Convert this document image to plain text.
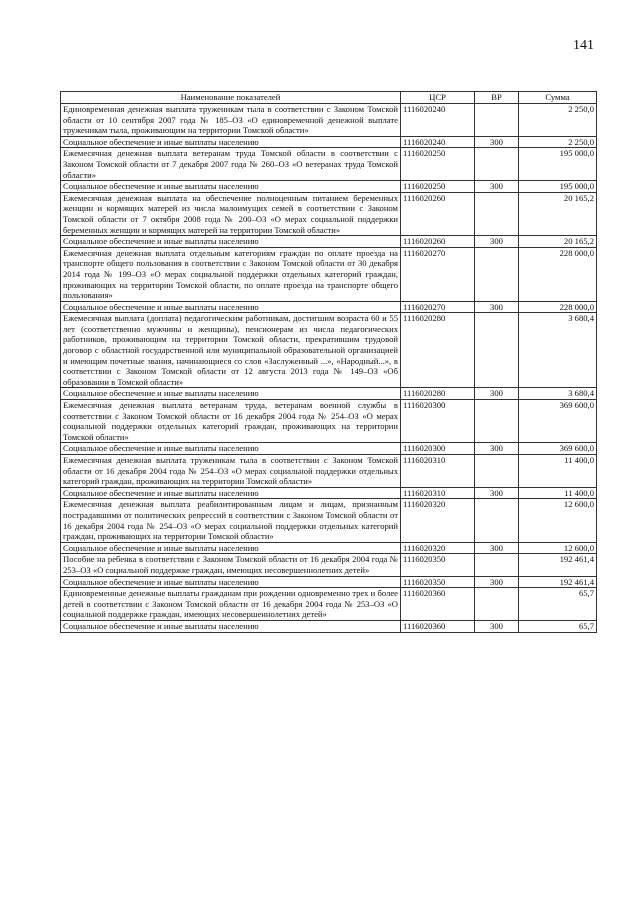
141
Наименование показателей	ЦСР	ВР	Сумма
Единовременная денежная выплата труженикам тыла в соответствии с Законом Томской области от 10 сентября 2007 года № 185–ОЗ «О единовременной денежной выплате труженикам тыла, проживающим на территории Томской области»	1116020240		2 250,0
Социальное обеспечение и иные выплаты населению	1116020240	300	2 250,0
Ежемесячная денежная выплата ветеранам труда Томской области в соответствии с Законом Томской области от 7 декабря 2007 года № 260–ОЗ «О ветеранах труда Томской области»	1116020250		195 000,0
Социальное обеспечение и иные выплаты населению	1116020250	300	195 000,0
Ежемесячная денежная выплата на обеспечение полноценным питанием беременных женщин и кормящих матерей из числа малоимущих семей в соответствии с Законом Томской области от 7 октября 2008 года № 200–ОЗ «О мерах социальной поддержки беременных женщин и кормящих матерей на территории Томской области»	1116020260		20 165,2
Социальное обеспечение и иные выплаты населению	1116020260	300	20 165,2
Ежемесячная денежная выплата отдельным категориям граждан по оплате проезда на транспорте общего пользования в соответствии с Законом Томской области от 30 декабря 2014 года № 199–ОЗ «О мерах социальной поддержки отдельных категорий граждан, проживающих на территории Томской области, по оплате проезда на транспорте общего пользования»	1116020270		228 000,0
Социальное обеспечение и иные выплаты населению	1116020270	300	228 000,0
Ежемесячная выплата (доплата) педагогическим работникам, достигшим возраста 60 и 55 лет (соответственно мужчины и женщины), пенсионерам из числа педагогических работников, проживающим на территории Томской области, прекратившим трудовой договор с областной государственной или муниципальной образовательной организацией и имеющим почетные звания, начинающиеся со слов «Заслуженный ...», «Народный...», в соответствии с Законом Томской области от 12 августа 2013 года № 149–ОЗ «Об образовании в Томской области»	1116020280		3 680,4
Социальное обеспечение и иные выплаты населению	1116020280	300	3 680,4
Ежемесячная денежная выплата ветеранам труда, ветеранам военной службы в соответствии с Законом Томской области от 16 декабря 2004 года № 254–ОЗ «О мерах социальной поддержки отдельных категорий граждан, проживающих на территории Томской области»	1116020300		369 600,0
Социальное обеспечение и иные выплаты населению	1116020300	300	369 600,0
Ежемесячная денежная выплата труженикам тыла в соответствии с Законом Томской области от 16 декабря 2004 года № 254–ОЗ «О мерах социальной поддержки отдельных категорий граждан, проживающих на территории Томской области»	1116020310		11 400,0
Социальное обеспечение и иные выплаты населению	1116020310	300	11 400,0
Ежемесячная денежная выплата реабилитированным лицам и лицам, признанным пострадавшими от политических репрессий в соответствии с Законом Томской области от 16 декабря 2004 года № 254–ОЗ «О мерах социальной поддержки отдельных категорий граждан, проживающих на территории Томской области»	1116020320		12 600,0
Социальное обеспечение и иные выплаты населению	1116020320	300	12 600,0
Пособие на ребенка в соответствии с Законом Томской области от 16 декабря 2004 года № 253–ОЗ «О социальной поддержке граждан, имеющих несовершеннолетних детей»	1116020350		192 461,4
Социальное обеспечение и иные выплаты населению	1116020350	300	192 461,4
Единовременные денежные выплаты гражданам при рождении одновременно трех и более детей в соответствии с Законом Томской области от 16 декабря 2004 года № 253–ОЗ «О социальной поддержке граждан, имеющих несовершеннолетних детей»	1116020360		65,7
Социальное обеспечение и иные выплаты населению	1116020360	300	65,7
